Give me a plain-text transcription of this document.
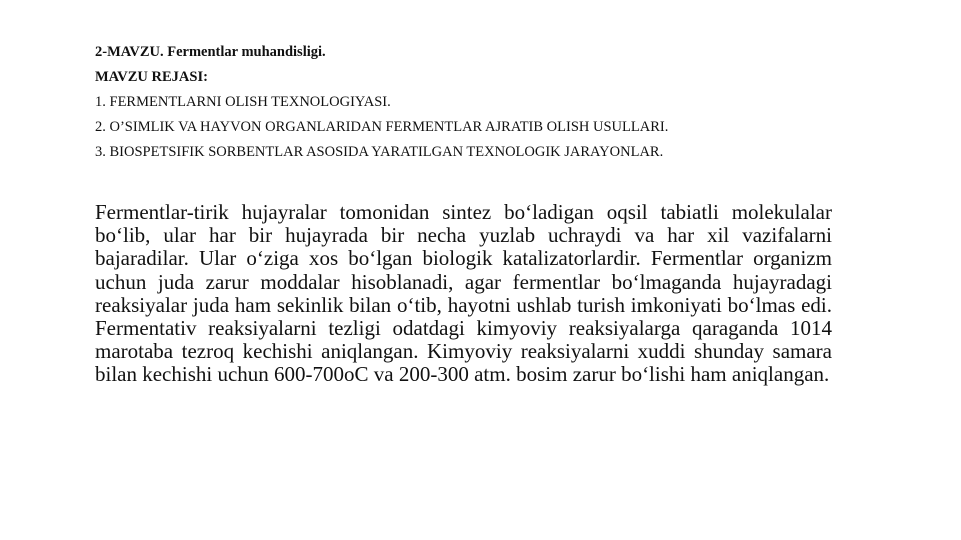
2-MAVZU. Fermentlar muhandisligi.
MAVZU REJASI:
1. FERMENTLARNI OLISH TEXNOLOGIYASI.
2. O’SIMLIK VA HAYVON ORGANLARIDAN FERMENTLAR AJRATIB OLISH USULLARI.
3. BIOSPETSIFIK SORBENTLAR ASOSIDA YARATILGAN TEXNOLOGIK JARAYONLAR.

Fermentlar-tirik hujayralar tomonidan sintez bo‘ladigan oqsil tabiatli molekulalar bo‘lib, ular har bir hujayrada bir necha yuzlab uchraydi va har xil vazifalarni bajaradilar. Ular o‘ziga xos bo‘lgan biologik katalizatorlardir. Fermentlar organizm uchun juda zarur moddalar hisoblanadi, agar fermentlar bo‘lmaganda hujayradagi reaksiyalar juda ham sekinlik bilan o‘tib, hayotni ushlab turish imkoniyati bo‘lmas edi. Fermentativ reaksiyalarni tezligi odatdagi kimyoviy reaksiyalarga qaraganda 1014 marotaba tezroq kechishi aniqlangan. Kimyoviy reaksiyalarni xuddi shunday samara bilan kechishi uchun 600-700oC va 200-300 atm. bosim zarur bo‘lishi ham aniqlangan.
